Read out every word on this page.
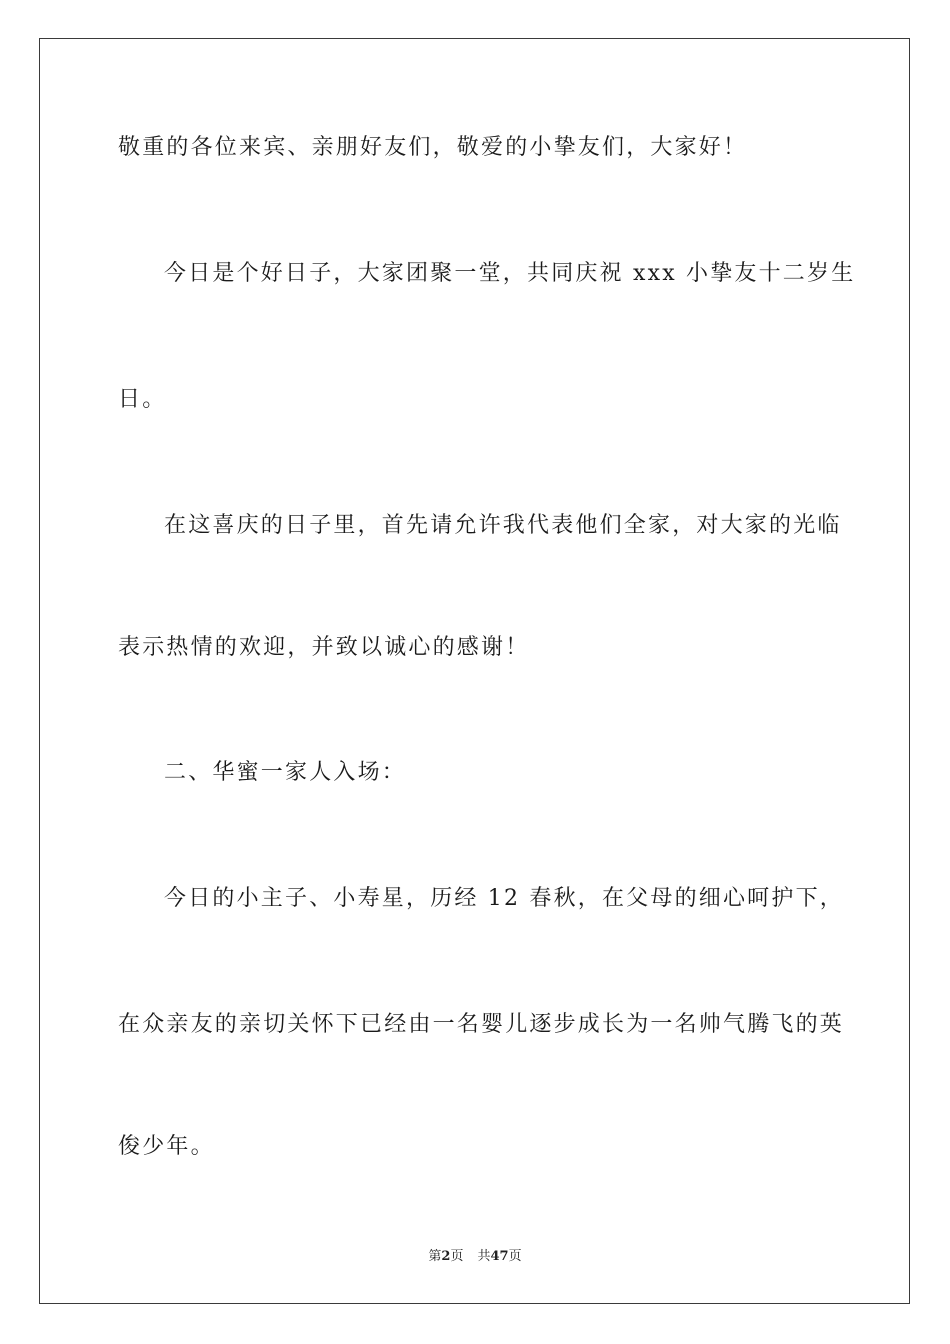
敬重的各位来宾、亲朋好友们，敬爱的小挚友们，大家好！
今日是个好日子，大家团聚一堂，共同庆祝 xxx 小挚友十二岁生
日。
在这喜庆的日子里，首先请允许我代表他们全家，对大家的光临
表示热情的欢迎，并致以诚心的感谢！
二、华蜜一家人入场：
今日的小主子、小寿星，历经 12 春秋，在父母的细心呵护下，
在众亲友的亲切关怀下已经由一名婴儿逐步成长为一名帅气腾飞的英
俊少年。
第2页 共47页
